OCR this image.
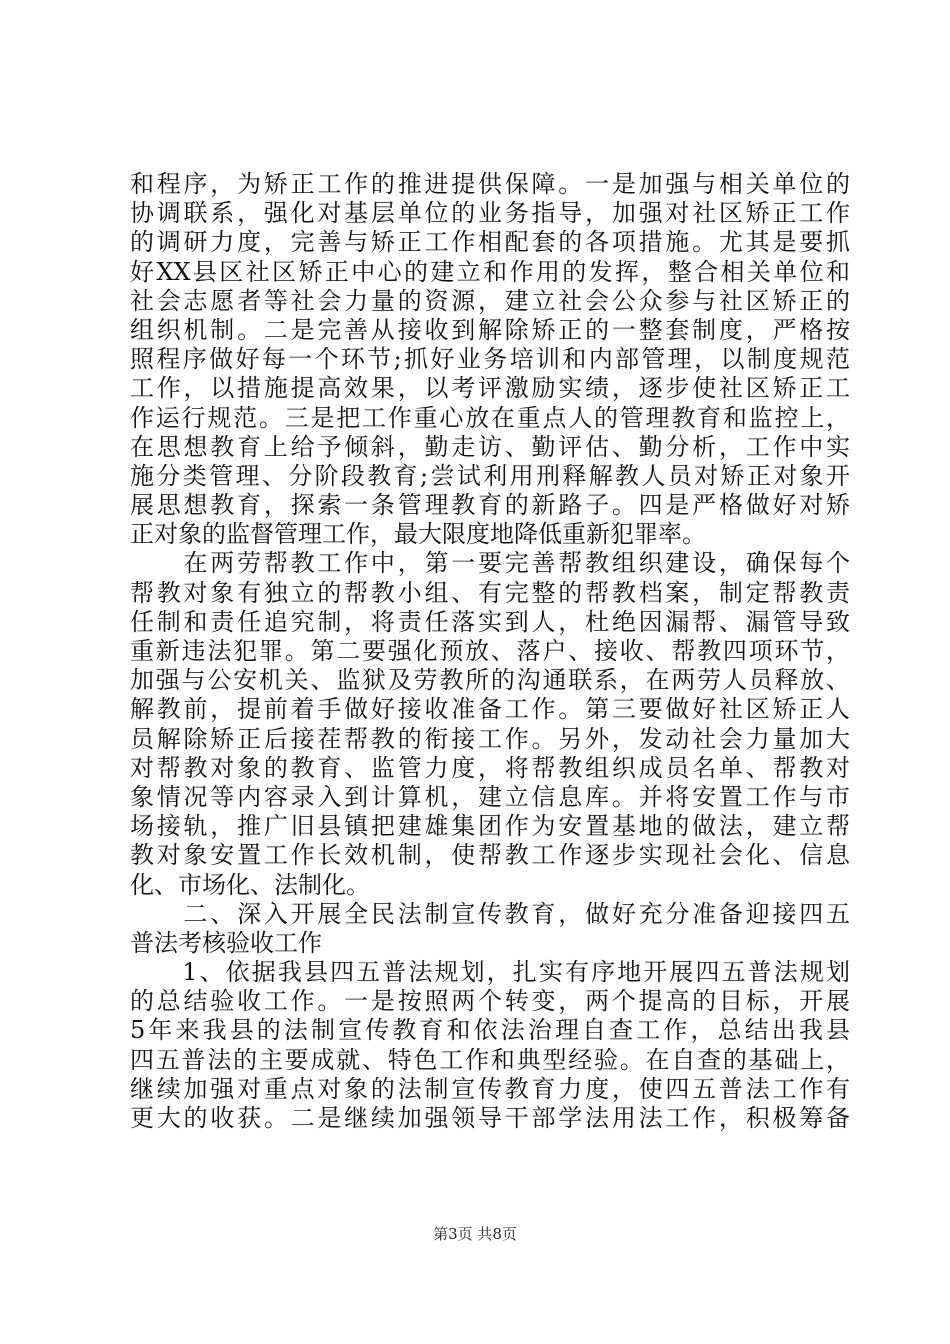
和程序，为矫正工作的推进提供保障。一是加强与相关单位的
协调联系，强化对基层单位的业务指导，加强对社区矫正工作
的调研力度，完善与矫正工作相配套的各项措施。尤其是要抓
好XX县区社区矫正中心的建立和作用的发挥，整合相关单位和
社会志愿者等社会力量的资源，建立社会公众参与社区矫正的
组织机制。二是完善从接收到解除矫正的一整套制度，严格按
照程序做好每一个环节;抓好业务培训和内部管理，以制度规范
工作，以措施提高效果，以考评激励实绩，逐步使社区矫正工
作运行规范。三是把工作重心放在重点人的管理教育和监控上，
在思想教育上给予倾斜，勤走访、勤评估、勤分析，工作中实
施分类管理、分阶段教育;尝试利用刑释解教人员对矫正对象开
展思想教育，探索一条管理教育的新路子。四是严格做好对矫
正对象的监督管理工作，最大限度地降低重新犯罪率。
　　在两劳帮教工作中，第一要完善帮教组织建设，确保每个
帮教对象有独立的帮教小组、有完整的帮教档案，制定帮教责
任制和责任追究制，将责任落实到人，杜绝因漏帮、漏管导致
重新违法犯罪。第二要强化预放、落户、接收、帮教四项环节，
加强与公安机关、监狱及劳教所的沟通联系，在两劳人员释放、
解教前，提前着手做好接收准备工作。第三要做好社区矫正人
员解除矫正后接茬帮教的衔接工作。另外，发动社会力量加大
对帮教对象的教育、监管力度，将帮教组织成员名单、帮教对
象情况等内容录入到计算机，建立信息库。并将安置工作与市
场接轨，推广旧县镇把建雄集团作为安置基地的做法，建立帮
教对象安置工作长效机制，使帮教工作逐步实现社会化、信息
化、市场化、法制化。
　　二、深入开展全民法制宣传教育，做好充分准备迎接四五
普法考核验收工作
　　1、依据我县四五普法规划，扎实有序地开展四五普法规划
的总结验收工作。一是按照两个转变，两个提高的目标，开展
5年来我县的法制宣传教育和依法治理自查工作，总结出我县
四五普法的主要成就、特色工作和典型经验。在自查的基础上，
继续加强对重点对象的法制宣传教育力度，使四五普法工作有
更大的收获。二是继续加强领导干部学法用法工作，积极筹备
第3页 共8页
